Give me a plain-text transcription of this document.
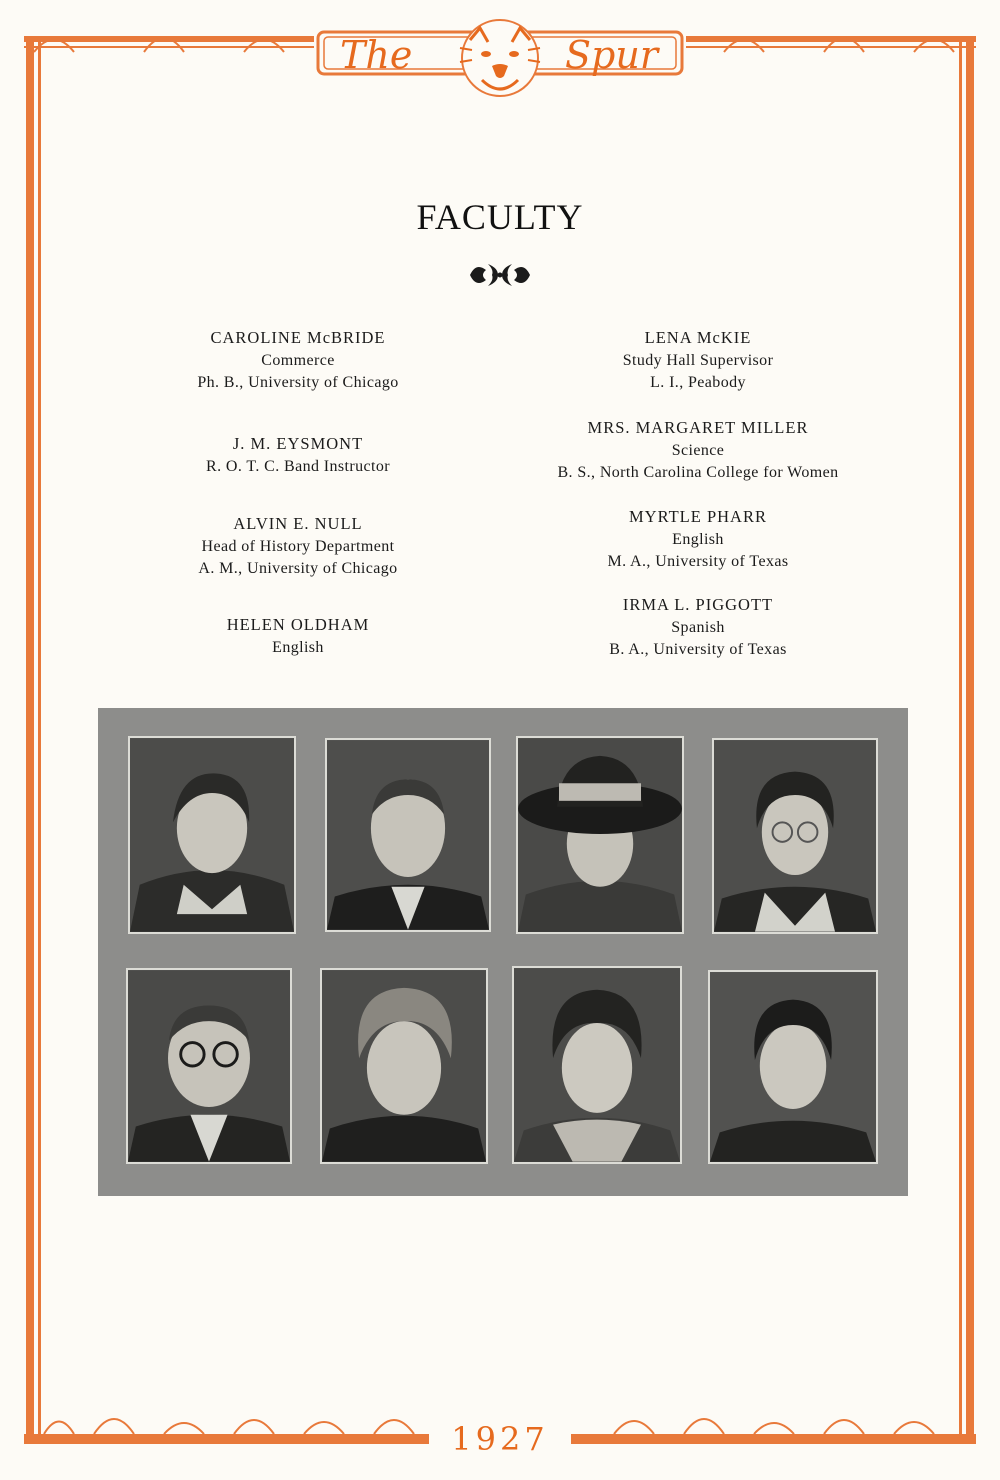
The	Spur
FACULTY
CAROLINE McBRIDE
Commerce
Ph. B., University of Chicago
J. M. EYSMONT
R. O. T. C. Band Instructor
ALVIN E. NULL
Head of History Department
A. M., University of Chicago
HELEN OLDHAM
English
LENA McKIE
Study Hall Supervisor
L. I., Peabody
MRS. MARGARET MILLER
Science
B. S., North Carolina College for Women
MYRTLE PHARR
English
M. A., University of Texas
IRMA L. PIGGOTT
Spanish
B. A., University of Texas
1927
